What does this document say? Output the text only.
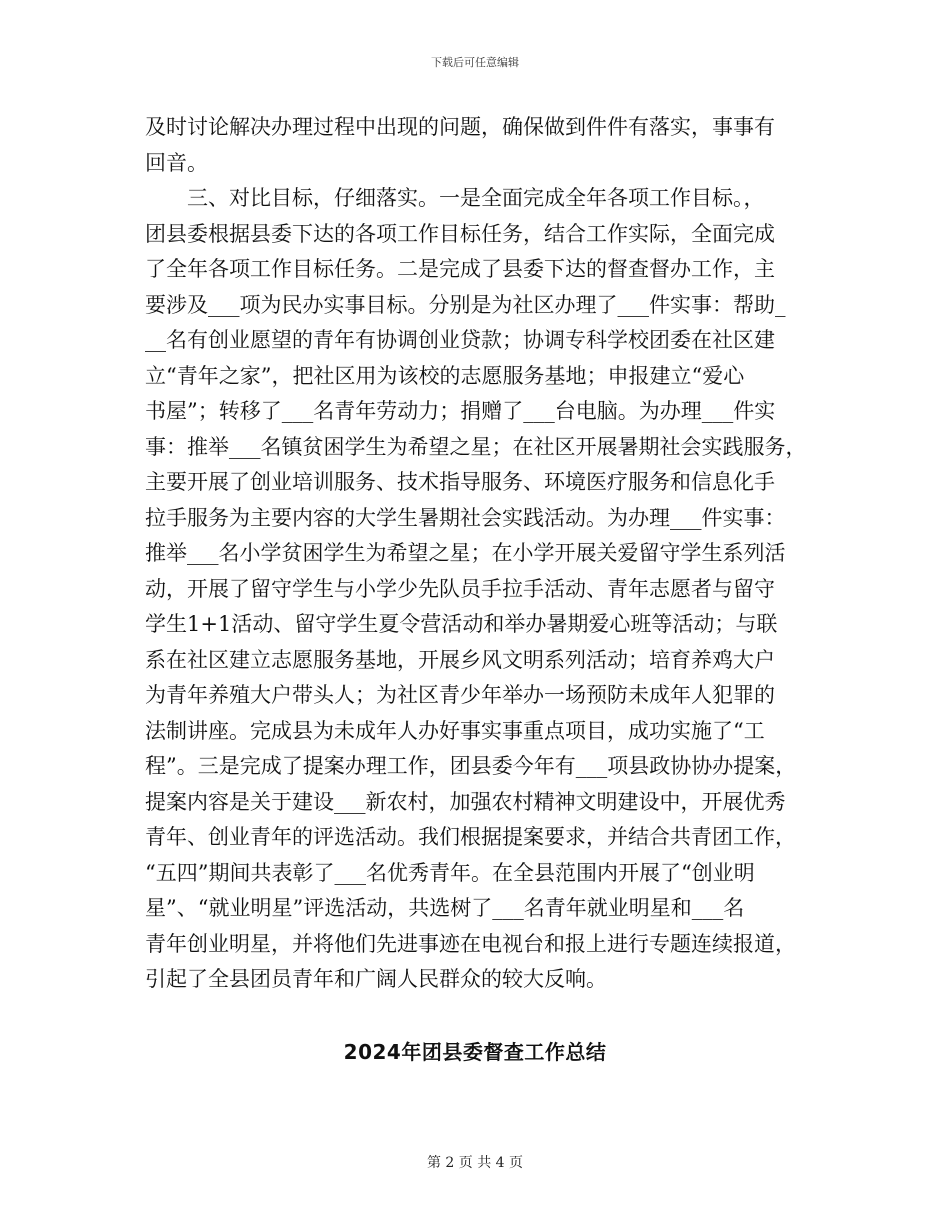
下载后可任意编辑
及时讨论解决办理过程中出现的问题，确保做到件件有落实，事事有
回音。
　　三、对比目标，仔细落实。一是全面完成全年各项工作目标。，
团县委根据县委下达的各项工作目标任务，结合工作实际，全面完成
了全年各项工作目标任务。二是完成了县委下达的督查督办工作，主
要涉及___项为民办实事目标。分别是为社区办理了___件实事：帮助_
__名有创业愿望的青年有协调创业贷款；协调专科学校团委在社区建
立“青年之家”，把社区用为该校的志愿服务基地；申报建立“爱心
书屋”；转移了___名青年劳动力；捐赠了___台电脑。为办理___件实
事：推举___名镇贫困学生为希望之星；在社区开展暑期社会实践服务，
主要开展了创业培训服务、技术指导服务、环境医疗服务和信息化手
拉手服务为主要内容的大学生暑期社会实践活动。为办理___件实事：
推举___名小学贫困学生为希望之星；在小学开展关爱留守学生系列活
动，开展了留守学生与小学少先队员手拉手活动、青年志愿者与留守
学生1+1活动、留守学生夏令营活动和举办暑期爱心班等活动；与联
系在社区建立志愿服务基地，开展乡风文明系列活动；培育养鸡大户
为青年养殖大户带头人；为社区青少年举办一场预防未成年人犯罪的
法制讲座。完成县为未成年人办好事实事重点项目，成功实施了“工
程”。三是完成了提案办理工作，团县委今年有___项县政协协办提案，
提案内容是关于建设___新农村，加强农村精神文明建设中，开展优秀
青年、创业青年的评选活动。我们根据提案要求，并结合共青团工作，
“五四”期间共表彰了___名优秀青年。在全县范围内开展了“创业明
星”、“就业明星”评选活动，共选树了___名青年就业明星和___名
青年创业明星，并将他们先进事迹在电视台和报上进行专题连续报道，
引起了全县团员青年和广阔人民群众的较大反响。
2024年团县委督查工作总结
第 2 页 共 4 页
